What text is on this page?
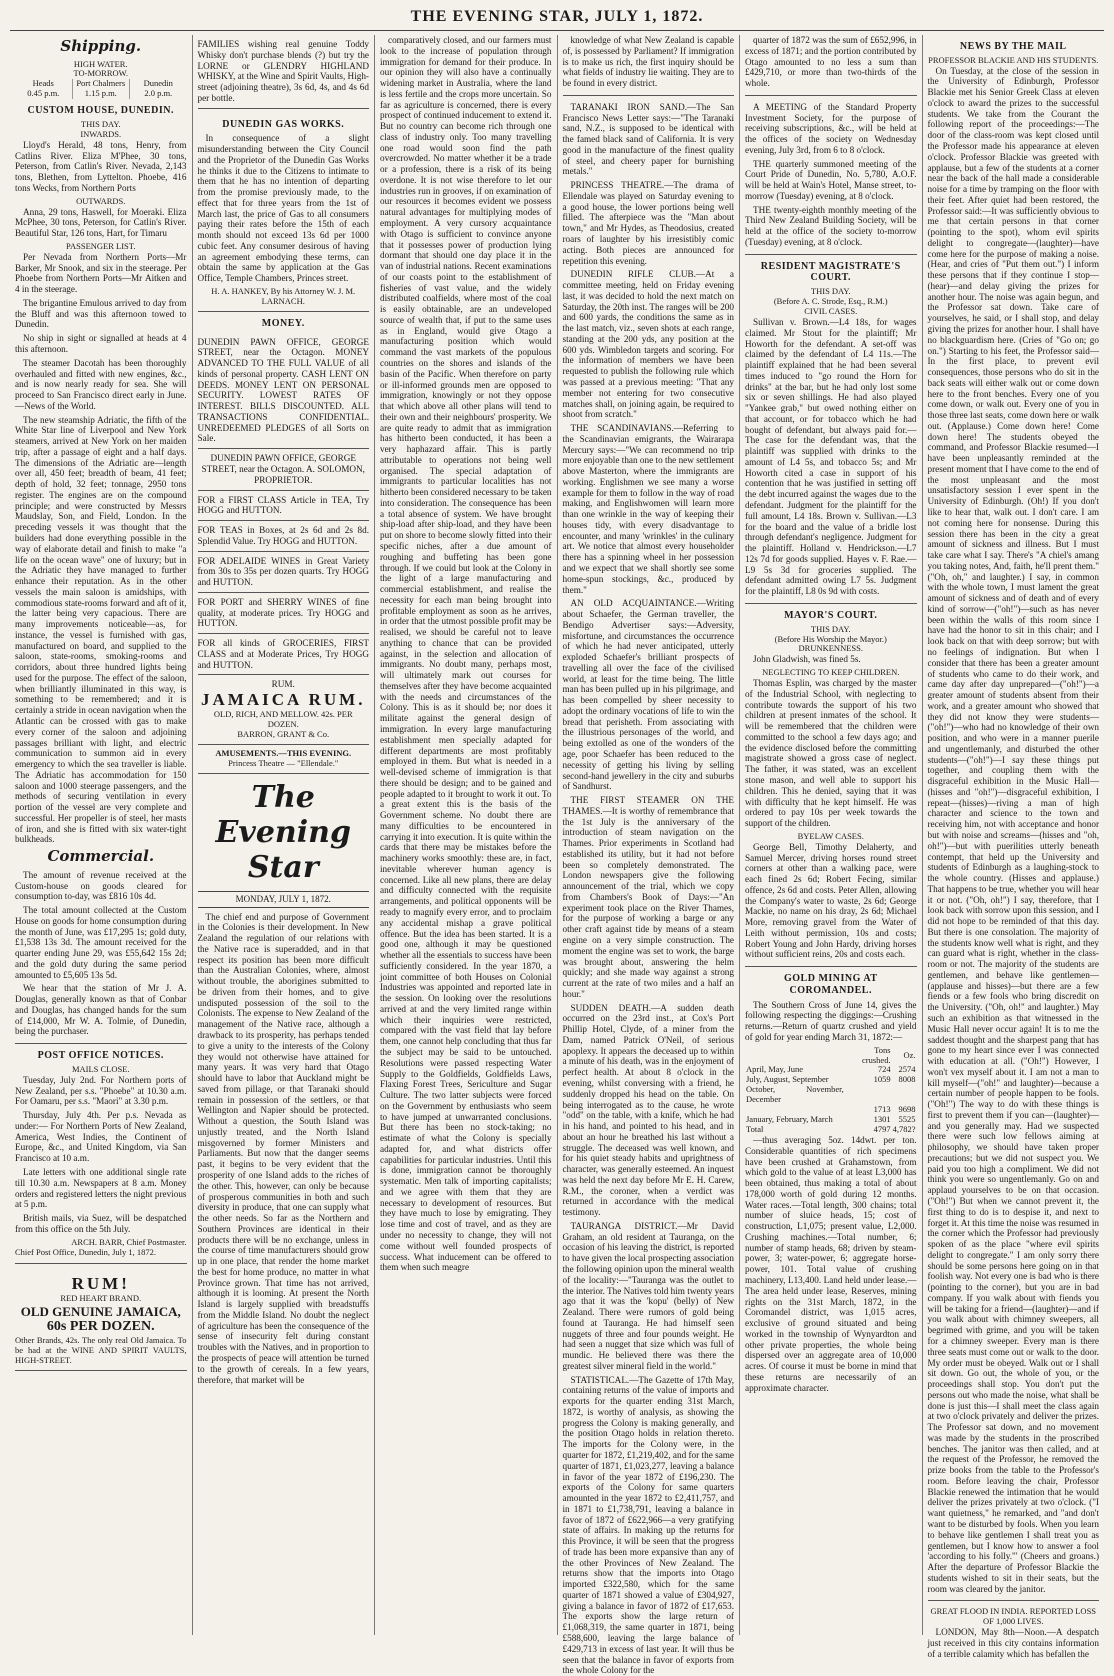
THE EVENING STAR, JULY 1, 1872.
Shipping.
HIGH WATER.
TO-MORROW.
Heads
0.45 p.m.
Port Chalmers
1.15 p.m.
Dunedin
2.0 p.m.
CUSTOM HOUSE, DUNEDIN.
THIS DAY.
INWARDS.

Lloyd's Herald, 48 tons, Henry, from Catlins River. Eliza M'Phee, 30 tons, Peterson, from Catlin's River. Nevada, 2,143 tons, Blethen, from Lyttelton. Phoebe, 416 tons Wecks, from Northern Ports

OUTWARDS.

Anna, 29 tons, Haswell, for Moeraki. Eliza McPhee, 30 tons, Peterson, for Catlin's River. Beautiful Star, 126 tons, Hart, for Timaru

PASSENGER LIST.

Per Nevada from Northern Ports—Mr Barker, Mr Snook, and six in the steerage. Per Phoebe from Northern Ports—Mr Aitken and 4 in the steerage.

The brigantine Emulous arrived to day from the Bluff and was this afternoon towed to Dunedin.

No ship in sight or signalled at heads at 4 this afternoon.

The steamer Dacotah has been thoroughly overhauled and fitted with new engines, &c., and is now nearly ready for sea. She will proceed to San Francisco direct early in June.—News of the World.

The new steamship Adriatic, the fifth of the White Star line of Liverpool and New York steamers, arrived at New York on her maiden trip, after a passage of eight and a half days. The dimensions of the Adriatic are—length over all, 450 feet; breadth of beam, 41 feet; depth of hold, 32 feet; tonnage, 2950 tons register. The engines are on the compound principle; and were constructed by Messrs Maudslay, Son, and Field, London. In the preceding vessels it was thought that the builders had done everything possible in the way of elaborate detail and finish to make "a life on the ocean wave" one of luxury; but in the Adriatic they have managed to further enhance their reputation. As in the other vessels the main saloon is amidships, with commodious state-rooms forward and aft of it, the latter being very capacious. There are many improvements noticeable—as, for instance, the vessel is furnished with gas, manufactured on board, and supplied to the saloon, state-rooms, smoking-rooms and corridors, about three hundred lights being used for the purpose. The effect of the saloon, when brilliantly illuminated in this way, is something to be remembered; and it is certainly a stride in ocean navigation when the Atlantic can be crossed with gas to make every corner of the saloon and adjoining passages brilliant with light, and electric communication to summon aid in every emergency to which the sea traveller is liable. The Adriatic has accommodation for 150 saloon and 1000 steerage passengers, and the methods of securing ventilation in every portion of the vessel are very complete and successful. Her propeller is of steel, her masts of iron, and she is fitted with six water-tight bulkheads.

Commercial.

The amount of revenue received at the Custom-house on goods cleared for consumption to-day, was £816 10s 4d.

The total amount collected at the Custom House on goods for home consumption during the month of June, was £17,295 1s; gold duty, £1,538 13s 3d. The amount received for the quarter ending June 29, was £55,642 15s 2d; and the gold duty during the same period amounted to £5,605 13s 5d.

We hear that the station of Mr J. A. Douglas, generally known as that of Conbar and Douglas, has changed hands for the sum of £14,000, Mr W. A. Tolmie, of Dunedin, being the purchaser.

POST OFFICE NOTICES.
MAILS CLOSE.

Tuesday, July 2nd. For Northern ports of New Zealand, per s.s. "Phoebe" at 10.30 a.m. For Oamaru, per s.s. "Maori" at 3.30 p.m.

Thursday, July 4th. Per p.s. Nevada as under:— For Northern Ports of New Zealand, America, West Indies, the Continent of Europe, &c., and United Kingdom, via San Francisco at 10 a.m.

Late letters with one additional single rate till 10.30 a.m. Newspapers at 8 a.m. Money orders and registered letters the night previous at 5 p.m.

British mails, via Suez, will be despatched from this office on the 5th July.

ARCH. BARR, Chief Postmaster.
Chief Post Office, Dunedin, July 1, 1872.
RUM!
RED HEART BRAND.
OLD GENUINE JAMAICA,
60s PER DOZEN.
Other Brands, 42s. The only real Old Jamaica. To be had at the WINE AND SPIRIT VAULTS, HIGH-STREET.
FAMILIES wishing real genuine Toddy Whisky don't purchase blends (?) but try the LORNE or GLENDRY HIGHLAND WHISKY, at the Wine and Spirit Vaults, High-street (adjoining theatre), 3s 6d, 4s, and 4s 6d per bottle.
DUNEDIN GAS WORKS.

In consequence of a slight misunderstanding between the City Council and the Proprietor of the Dunedin Gas Works he thinks it due to the Citizens to intimate to them that he has no intention of departing from the promise previously made, to the effect that for three years from the 1st of March last, the price of Gas to all consumers paying their rates before the 15th of each month should not exceed 13s 6d per 1000 cubic feet. Any consumer desirous of having an agreement embodying these terms, can obtain the same by application at the Gas Office, Temple Chambers, Princes street.

H. A. HANKEY, By his Attorney W. J. M. LARNACH.
MONEY.
DUNEDIN PAWN OFFICE, GEORGE STREET, near the Octagon. MONEY ADVANCED TO THE FULL VALUE of all kinds of personal property. CASH LENT ON DEEDS. MONEY LENT ON PERSONAL SECURITY. LOWEST RATES OF INTEREST. BILLS DISCOUNTED. ALL TRANSACTIONS CONFIDENTIAL. UNREDEEMED PLEDGES of all Sorts on Sale.
DUNEDIN PAWN OFFICE, GEORGE STREET, near the Octagon. A. SOLOMON, PROPRIETOR.
FOR a FIRST CLASS Article in TEA, Try HOGG and HUTTON.
FOR TEAS in Boxes, at 2s 6d and 2s 8d. Splendid Value. Try HOGG and HUTTON.
FOR ADELAIDE WINES in Great Variety from 30s to 35s per dozen quarts. Try HOGG and HUTTON.
FOR PORT and SHERRY WINES of fine quality, at moderate prices. Try HOGG and HUTTON.
FOR all kinds of GROCERIES, FIRST CLASS and at Moderate Prices, Try HOGG and HUTTON.
RUM.
JAMAICA RUM.
OLD, RICH, AND MELLOW. 42s. PER DOZEN.
BARRON, GRANT & Co.
AMUSEMENTS.—THIS EVENING.
Princess Theatre — "Ellendale."
The Evening Star
MONDAY, JULY 1, 1872.

The chief end and purpose of Government in the Colonies is their development. In New Zealand the regulation of our relations with the Native race is superadded, and in that respect its position has been more difficult than the Australian Colonies, where, almost without trouble, the aborigines submitted to be driven from their homes, and to give undisputed possession of the soil to the Colonists. The expense to New Zealand of the management of the Native race, although a drawback to its prosperity, has perhaps tended to give a unity to the interests of the Colony they would not otherwise have attained for many years. It was very hard that Otago should have to labor that Auckland might be saved from pillage, or that Taranaki should remain in possession of the settlers, or that Wellington and Napier should be protected. Without a question, the South Island was unjustly treated, and the North Island misgoverned by former Ministers and Parliaments. But now that the danger seems past, it begins to be very evident that the prosperity of one Island adds to the riches of the other. This, however, can only be because of prosperous communities in both and such diversity in produce, that one can supply what the other needs. So far as the Northern and Southern Provinces are identical in their products there will be no exchange, unless in the course of time manufacturers should grow up in one place, that render the home market the best for home produce, no matter in what Province grown. That time has not arrived, although it is looming. At present the North Island is largely supplied with breadstuffs from the Middle Island. No doubt the neglect of agriculture has been the consequence of the sense of insecurity felt during constant troubles with the Natives, and in proportion to the prospects of peace will attention be turned to the growth of cereals. In a few years, therefore, that market will be

comparatively closed, and our farmers must look to the increase of population through immigration for demand for their produce. In our opinion they will also have a continually widening market in Australia, where the land is less fertile and the crops more uncertain. So far as agriculture is concerned, there is every prospect of continued inducement to extend it. But no country can become rich through one class of industry only. Too many travelling one road would soon find the path overcrowded. No matter whether it be a trade or a profession, there is a risk of its being overdone. It is not wise therefore to let our industries run in grooves, if on examination of our resources it becomes evident we possess natural advantages for multiplying modes of employment. A very cursory acquaintance with Otago is sufficient to convince anyone that it possesses power of production lying dormant that should one day place it in the van of industrial nations. Recent examinations of our coasts point to the establishment of fisheries of vast value, and the widely distributed coalfields, where most of the coal is easily obtainable, are an undeveloped source of wealth that, if put to the same uses as in England, would give Otago a manufacturing position which would command the vast markets of the populous countries on the shores and islands of the basin of the Pacific. When therefore on party or ill-informed grounds men are opposed to immigration, knowingly or not they oppose that which above all other plans will tend to their own and their neighbours' prosperity. We are quite ready to admit that as immigration has hitherto been conducted, it has been a very haphazard affair. This is partly attributable to operations not being well organised. The special adaptation of immigrants to particular localities has not hitherto been considered necessary to be taken into consideration. The consequence has been a total absence of system. We have brought ship-load after ship-load, and they have been put on shore to become slowly fitted into their specific niches, after a due amount of roughing and buffeting has been gone through. If we could but look at the Colony in the light of a large manufacturing and commercial establishment, and realise the necessity for each man being brought into profitable employment as soon as he arrives, in order that the utmost possible profit may be realised, we should be careful not to leave anything to chance that can be provided against, in the selection and allocation of immigrants. No doubt many, perhaps most, will ultimately mark out courses for themselves after they have become acquainted with the needs and circumstances of the Colony. This is as it should be; nor does it militate against the general design of immigration. In every large manufacturing establishment men specially adapted for different departments are most profitably employed in them. But what is needed in a well-devised scheme of immigration is that there should be design; and to be gained and people adapted to it brought to work it out. To a great extent this is the basis of the Government scheme. No doubt there are many difficulties to be encountered in carrying it into execution. It is quite within the cards that there may be mistakes before the machinery works smoothly: these are, in fact, inevitable wherever human agency is concerned. Like all new plans, there are delay and difficulty connected with the requisite arrangements, and political opponents will be ready to magnify every error, and to proclaim any accidental mishap a grave political offence. But the idea has been started. It is a good one, although it may be questioned whether all the essentials to success have been sufficiently considered. In the year 1870, a joint committee of both Houses on Colonial Industries was appointed and reported late in the session. On looking over the resolutions arrived at and the very limited range within which their inquiries were restricted, compared with the vast field that lay before them, one cannot help concluding that thus far the subject may be said to be untouched. Resolutions were passed respecting Water Supply to the Goldfields, Goldfields Laws, Flaxing Forest Trees, Sericulture and Sugar Culture. The two latter subjects were forced on the Government by enthusiasts who seem to have jumped at unwarranted conclusions. But there has been no stock-taking; no estimate of what the Colony is specially adapted for, and what districts offer capabilities for particular industries. Until this is done, immigration cannot be thoroughly systematic. Men talk of importing capitalists; and we agree with them that they are necessary to development of resources. But they have much to lose by emigrating. They lose time and cost of travel, and as they are under no necessity to change, they will not come without well founded prospects of success. What inducement can be offered to them when such meagre

knowledge of what New Zealand is capable of, is possessed by Parliament? If immigration is to make us rich, the first inquiry should be what fields of industry lie waiting. They are to be found in every district.

TARANAKI IRON SAND.—The San Francisco News Letter says:—"The Taranaki sand, N.Z., is supposed to be identical with the famed black sand of California. It is very good in the manufacture of the finest quality of steel, and cheery paper for burnishing metals."

PRINCESS THEATRE.—The drama of Ellendale was played on Saturday evening to a good house, the lower portions being well filled. The afterpiece was the "Man about town," and Mr Hydes, as Theodosius, created roars of laughter by his irresistibly comic acting. Both pieces are announced for repetition this evening.

DUNEDIN RIFLE CLUB.—At a committee meeting, held on Friday evening last, it was decided to hold the next match on Saturday, the 20th inst. The ranges will be 200 and 600 yards, the conditions the same as in the last match, viz., seven shots at each range, standing at the 200 yds, any position at the 600 yds. Wimbledon targets and scoring. For the information of members we have been requested to publish the following rule which was passed at a previous meeting: "That any member not entering for two consecutive matches shall, on joining again, be required to shoot from scratch."

THE SCANDINAVIANS.—Referring to the Scandinavian emigrants, the Wairarapa Mercury says:—"We can recommend no trip more enjoyable than one to the new settlement above Masterton, where the immigrants are working. Englishmen we see many a worse example for them to follow in the way of road making, and Englishwomen will learn more than one wrinkle in the way of keeping their houses tidy, with every disadvantage to encounter, and many 'wrinkles' in the culinary art. We notice that almost every householder there has a spinning wheel in her possession and we expect that we shall shortly see some home-spun stockings, &c., produced by them."

AN OLD ACQUAINTANCE.—Writing about Schaefer, the German traveller, the Bendigo Advertiser says:—Adversity, misfortune, and circumstances the occurrence of which he had never anticipated, utterly exploded Schaefer's brilliant prospects of travelling all over the face of the civilised world, at least for the time being. The little man has been pulled up in his pilgrimage, and has been compelled by sheer necessity to adopt the ordinary vocations of life to win the bread that perisheth. From associating with the illustrious personages of the world, and being extolled as one of the wonders of the age, poor Schaefer has been reduced to the necessity of getting his living by selling second-hand jewellery in the city and suburbs of Sandhurst.

THE FIRST STEAMER ON THE THAMES.—It is worthy of remembrance that the 1st July is the anniversary of the introduction of steam navigation on the Thames. Prior experiments in Scotland had established its utility, but it had not before been so completely demonstrated. The London newspapers give the following announcement of the trial, which we copy from Chambers's Book of Days:—"An experiment took place on the River Thames, for the purpose of working a barge or any other craft against tide by means of a steam engine on a very simple construction. The moment the engine was set to work, the barge was brought about, answering the helm quickly; and she made way against a strong current at the rate of two miles and a half an hour."

SUDDEN DEATH.—A sudden death occurred on the 23rd inst., at Cox's Port Phillip Hotel, Clyde, of a miner from the Dam, named Patrick O'Neil, of serious apoplexy. It appears the deceased up to within a minute of his death, was in the enjoyment of perfect health. At about 8 o'clock in the evening, whilst conversing with a friend, he suddenly dropped his head on the table. On being interrogated as to the cause, he wrote "odd" on the table, with a knife, which he had in his hand, and pointed to his head, and in about an hour he breathed his last without a struggle. The deceased was well known, and for his quiet steady habits and uprightness of character, was generally esteemed. An inquest was held the next day before Mr E. H. Carew, R.M., the coroner, when a verdict was returned in accordance with the medical testimony.

TAURANGA DISTRICT.—Mr David Graham, an old resident at Tauranga, on the occasion of his leaving the district, is reported to have given the local prospecting association the following opinion upon the mineral wealth of the locality:—"Tauranga was the outlet to the interior. The Natives told him twenty years ago that it was the 'kopu' (belly) of New Zealand. There were rumors of gold being found at Tauranga. He had himself seen nuggets of three and four pounds weight. He had seen a nugget that size which was full of mundic. He believed there was there the greatest silver mineral field in the world."

STATISTICAL.—The Gazette of 17th May, containing returns of the value of imports and exports for the quarter ending 31st March, 1872, is worthy of analysis, as showing the progress the Colony is making generally, and the position Otago holds in relation thereto. The imports for the Colony were, in the quarter for 1872, £1,219,402, and for the same quarter of 1871, £1,023,277, leaving a balance in favor of the year 1872 of £196,230. The exports of the Colony for same quarters amounted in the year 1872 to £2,411,757, and in 1871 to £1,738,791, leaving a balance in favor of 1872 of £622,966—a very gratifying state of affairs. In making up the returns for this Province, it will be seen that the progress of trade has been more expansive than any of the other Provinces of New Zealand. The returns show that the imports into Otago imported £322,580, which for the same quarter of 1871 showed a value of £304,927, giving a balance in favor of 1872 of £17,653. The exports show the large return of £1,068,319, the same quarter in 1871, being £588,600, leaving the large balance of £429,713 in excess of last year. It will thus be seen that the balance in favor of exports from the whole Colony for the

quarter of 1872 was the sum of £652,996, in excess of 1871; and the portion contributed by Otago amounted to no less a sum than £429,710, or more than two-thirds of the whole.

A MEETING of the Standard Property Investment Society, for the purpose of receiving subscriptions, &c., will be held at the offices of the society on Wednesday evening, July 3rd, from 6 to 8 o'clock.

THE quarterly summoned meeting of the Court Pride of Dunedin, No. 5,780, A.O.F. will be held at Wain's Hotel, Manse street, to-morrow (Tuesday) evening, at 8 o'clock.

THE twenty-eighth monthly meeting of the Third New Zealand Building Society, will be held at the office of the society to-morrow (Tuesday) evening, at 8 o'clock.

RESIDENT MAGISTRATE'S COURT.
THIS DAY.
(Before A. C. Strode, Esq., R.M.)
CIVIL CASES.

Sullivan v. Brown.—L4 18s, for wages claimed. Mr Stout for the plaintiff; Mr Howorth for the defendant. A set-off was claimed by the defendant of L4 11s.—The plaintiff explained that he had been several times induced to "go round the Horn for drinks" at the bar, but he had only lost some six or seven shillings. He had also played "Yankee grab," but owed nothing either on that account, or for tobacco which he had bought of defendant, but always paid for.—The case for the defendant was, that the plaintiff was supplied with drinks to the amount of L4 5s, and tobacco 5s; and Mr Howorth cited a case in support of his contention that he was justified in setting off the debt incurred against the wages due to the defendant. Judgment for the plaintiff for the full amount, L4 18s. Brown v. Sullivan.—L3 for the board and the value of a bridle lost through defendant's negligence. Judgment for the plaintiff. Holland v. Hendrickson.—L7 12s 7d for goods supplied. Hayes v. F. Rae.—L9 5s 3d for groceries supplied. The defendant admitted owing L7 5s. Judgment for the plaintiff, L8 0s 9d with costs.

MAYOR'S COURT.
THIS DAY.
(Before His Worship the Mayor.)
DRUNKENNESS.

John Gladwish, was fined 5s.

NEGLECTING TO KEEP CHILDREN.

Thomas Esplin, was charged by the master of the Industrial School, with neglecting to contribute towards the support of his two children at present inmates of the school. It will be remembered that the children were committed to the school a few days ago; and the evidence disclosed before the committing magistrate showed a gross case of neglect. The father, it was stated, was an excellent stone mason, and well able to support his children. This he denied, saying that it was with difficulty that he kept himself. He was ordered to pay 10s per week towards the support of the children.

BYELAW CASES.

George Bell, Timothy Delaherty, and Samuel Mercer, driving horses round street corners at other than a walking pace, were each fined 2s 6d; Robert Fecing, similar offence, 2s 6d and costs. Peter Allen, allowing the Company's water to waste, 2s 6d; George Mackie, no name on his dray, 2s 6d; Michael More, removing gravel from the Water of Leith without permission, 10s and costs; Robert Young and John Hardy, driving horses without sufficient reins, 20s and costs each.

GOLD MINING AT COROMANDEL.

The Southern Cross of June 14, gives the following respecting the diggings:—Crushing returns.—Return of quartz crushed and yield of gold for year ending March 31, 1872:—

	Tons crushed.	Oz.
April, May, June	724	2574
July, August, September	1059	8008
October, November, December		
	1713	9698
January, February, March	1301	5525
Total	4797	4,782?

—thus averaging 5oz. 14dwt. per ton. Considerable quantities of rich specimens have been crushed at Grahamstown, from which gold to the value of at least L3,000 has been obtained, thus making a total of about 178,000 worth of gold during 12 months. Water races.—Total length, 300 chains; total number of sluice heads, 15; cost of construction, L1,075; present value, L2,000. Crushing machines.—Total number, 6; number of stamp heads, 68; driven by steam-power, 3; water-power, 6; aggregate horse-power, 101. Total value of crushing machinery, L13,400. Land held under lease.—The area held under lease, Reserves, mining rights on the 31st March, 1872, in the Coromandel district, was 1,015 acres, exclusive of ground situated and being worked in the township of Wynyardton and other private properties, the whole being dispersed over an aggregate area of 10,000 acres. Of course it must be borne in mind that these returns are necessarily of an approximate character.

NEWS BY THE MAIL
PROFESSOR BLACKIE AND HIS STUDENTS.

On Tuesday, at the close of the session in the University of Edinburgh, Professor Blackie met his Senior Greek Class at eleven o'clock to award the prizes to the successful students. We take from the Courant the following report of the proceedings:—The door of the class-room was kept closed until the Professor made his appearance at eleven o'clock. Professor Blackie was greeted with applause, but a few of the students at a corner near the back of the hall made a considerable noise for a time by tramping on the floor with their feet. After quiet had been restored, the Professor said:—It was sufficiently obvious to me that certain persons in that corner (pointing to the spot), whom evil spirits delight to congregate—(laughter)—have come here for the purpose of making a noise. (Hear, and cries of "Put them out.") I inform these persons that if they continue I stop—(hear)—and delay giving the prizes for another hour. The noise was again begun, and the Professor sat down. Take care of yourselves, he said, or I shall stop, and delay giving the prizes for another hour. I shall have no blackguardism here. (Cries of "Go on; go on.") Starting to his feet, the Professor said—In the first place, to prevent evil consequences, those persons who do sit in the back seats will either walk out or come down here to the front benches. Every one of you come down, or walk out. Every one of you in those three last seats, come down here or walk out. (Applause.) Come down here! Come down here! The students obeyed the command, and Professor Blackie resumed—I have been unpleasantly reminded at the present moment that I have come to the end of the most unpleasant and the most unsatisfactory session I ever spent in the University of Edinburgh. (Oh!) If you don't like to hear that, walk out. I don't care. I am not coming here for nonsense. During this session there has been in the city a great amount of sickness and illness. But I must take care what I say. There's "A chiel's amang you taking notes, And, faith, he'll prent them." ("Oh, oh," and laughter.) I say, in common with the whole town, I must lament the great amount of sickness and of death and of every kind of sorrow—("oh!")—such as has never been within the walls of this room since I have had the honor to sit in this chair; and I look back on that with deep sorrow; but with no feelings of indignation. But when I consider that there has been a greater amount of students who came to do their work, and came day after day unprepared—("oh!")—a greater amount of students absent from their work, and a greater amount who showed that they did not know they were students—("oh!")—who had no knowledge of their own position, and who were in a manner puerile and ungentlemanly, and disturbed the other students—("oh!")—I say these things put together, and coupling them with the disgraceful exhibition in the Music Hall—(hisses and "oh!")—disgraceful exhibition, I repeat—(hisses)—riving a man of high character and science to the town and receiving him, not with acceptance and honor but with noise and screams—(hisses and "oh, oh!")—but with puerilities utterly beneath contempt, that held up the University and students of Edinburgh as a laughing-stock to the whole country. (Hisses and applause.) That happens to be true, whether you will hear it or not. ("Oh, oh!") I say, therefore, that I look back with sorrow upon this session, and I did not hope to be reminded of that this day. But there is one consolation. The majority of the students know well what is right, and they can guard what is right, whether in the class-room or not. The majority of the students are gentlemen, and behave like gentlemen—(applause and hisses)—but there are a few fiends or a few fools who bring discredit on the University. ("Oh, oh!" and laughter.) May such an exhibition as that witnessed in the Music Hall never occur again! It is to me the saddest thought and the sharpest pang that has gone to my heart since ever I was connected with education at all. ("Oh!") However, I won't vex myself about it. I am not a man to kill myself—("oh!" and laughter)—because a certain number of people happen to be fools. ("Oh!") The way to do with these things is first to prevent them if you can—(laughter)—and you generally may. Had we suspected there were such low fellows aiming at philosophy, we should have taken proper precautions; but we did not suspect you. We paid you too high a compliment. We did not think you were so ungentlemanly. Go on and applaud yourselves to be on that occasion. ("Oh!") But when we cannot prevent it, the first thing to do is to despise it, and next to forget it. At this time the noise was resumed in the corner which the Professor had previously spoken of as the place "where evil spirits delight to congregate." I am only sorry there should be some persons here going on in that foolish way. Not every one is bad who is there (pointing to the corner), but you are in bad company. If you walk about with fiends you will be taking for a friend—(laughter)—and if you walk about with chimney sweepers, all begrimed with grime, and you will be taken for a chimney sweeper. Every man is there three seats must come out or walk to the door. My order must be obeyed. Walk out or I shall sit down. Go out, the whole of you, or the proceedings shall stop. You don't put the persons out who made the noise, what shall be done is just this—I shall meet the class again at two o'clock privately and deliver the prizes. The Professor sat down, and no movement was made by the students in the proscribed benches. The janitor was then called, and at the request of the Professor, he removed the prize books from the table to the Professor's room. Before leaving the chair, Professor Blackie renewed the intimation that he would deliver the prizes privately at two o'clock. ("I want quietness," he remarked, and "and don't want to be disturbed by fools. When you learn to behave like gentlemen I shall treat you as gentlemen, but I know how to answer a fool 'according to his folly.'" (Cheers and groans.) After the departure of Professor Blackie the students wished to sit in their seats, but the room was cleared by the janitor.

GREAT FLOOD IN INDIA. REPORTED LOSS OF 1,000 LIVES.

LONDON, May 8th—Noon.—A despatch just received in this city contains information of a terrible calamity which has befallen the
